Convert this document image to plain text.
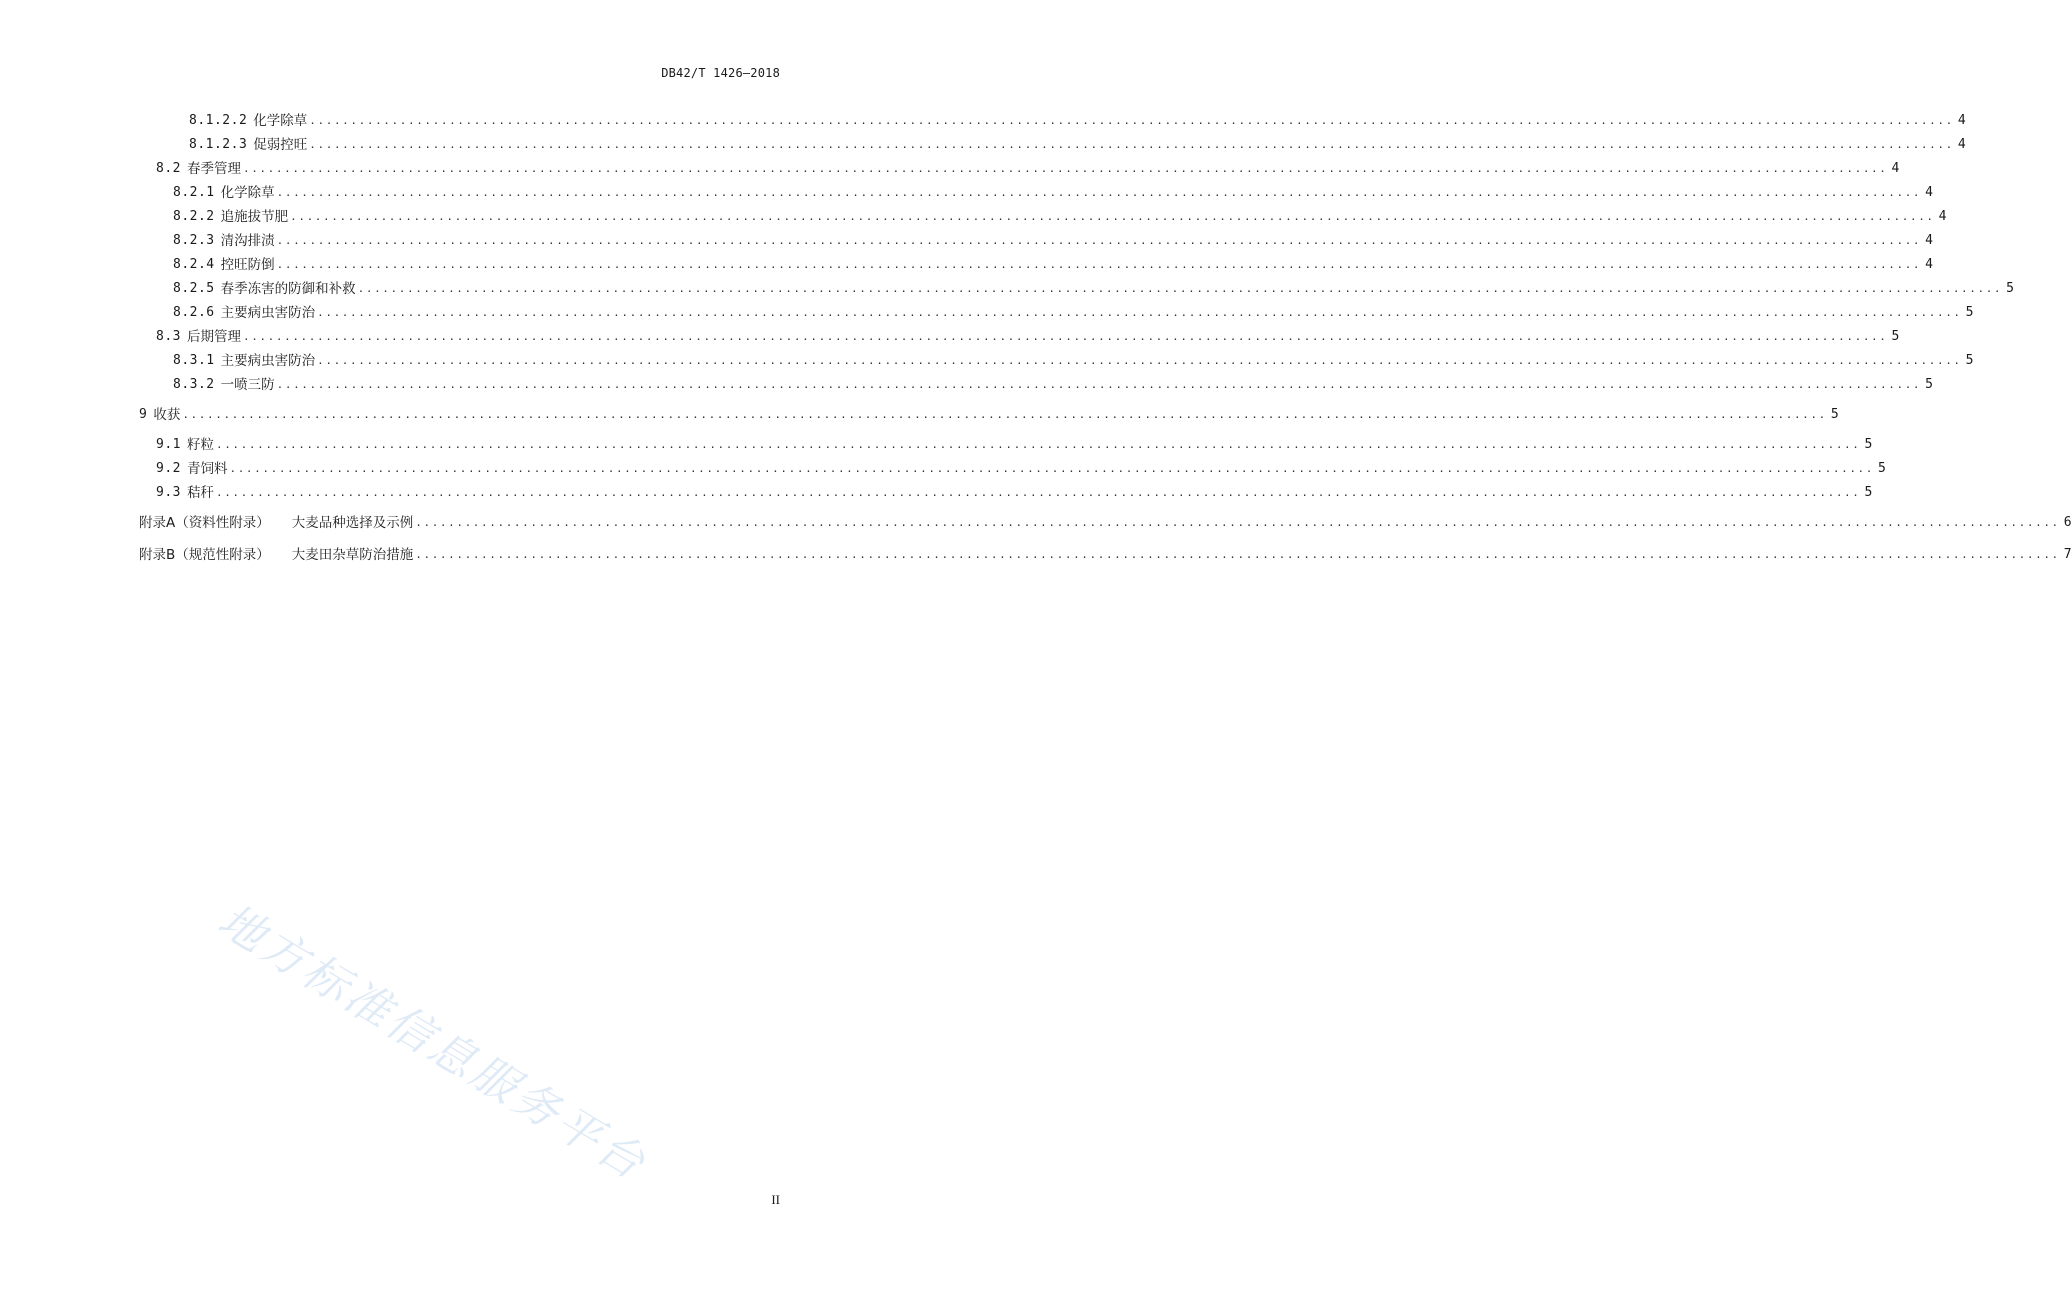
DB42/T 1426—2018
8.1.2.2 化学除草 ........................................................................................................................................................................................................ 4
8.1.2.3 促弱控旺 ........................................................................................................................................................................................................ 4
8.2 春季管理 ........................................................................................................................................................................................................ 4
8.2.1 化学除草 ........................................................................................................................................................................................................ 4
8.2.2 追施拔节肥 ........................................................................................................................................................................................................ 4
8.2.3 清沟排渍 ........................................................................................................................................................................................................ 4
8.2.4 控旺防倒 ........................................................................................................................................................................................................ 4
8.2.5 春季冻害的防御和补救 ........................................................................................................................................................................................................ 5
8.2.6 主要病虫害防治 ........................................................................................................................................................................................................ 5
8.3 后期管理 ........................................................................................................................................................................................................ 5
8.3.1 主要病虫害防治 ........................................................................................................................................................................................................ 5
8.3.2 一喷三防 ........................................................................................................................................................................................................ 5
9 收获 ........................................................................................................................................................................................................ 5
9.1 籽粒 ........................................................................................................................................................................................................ 5
9.2 青饲料 ........................................................................................................................................................................................................ 5
9.3 秸秆 ........................................................................................................................................................................................................ 5
附录A（资料性附录） 大麦品种选择及示例 ........................................................................................................................................................................................................ 6
附录B（规范性附录） 大麦田杂草防治措施 ........................................................................................................................................................................................................ 7
地方标准信息服务平台
II
